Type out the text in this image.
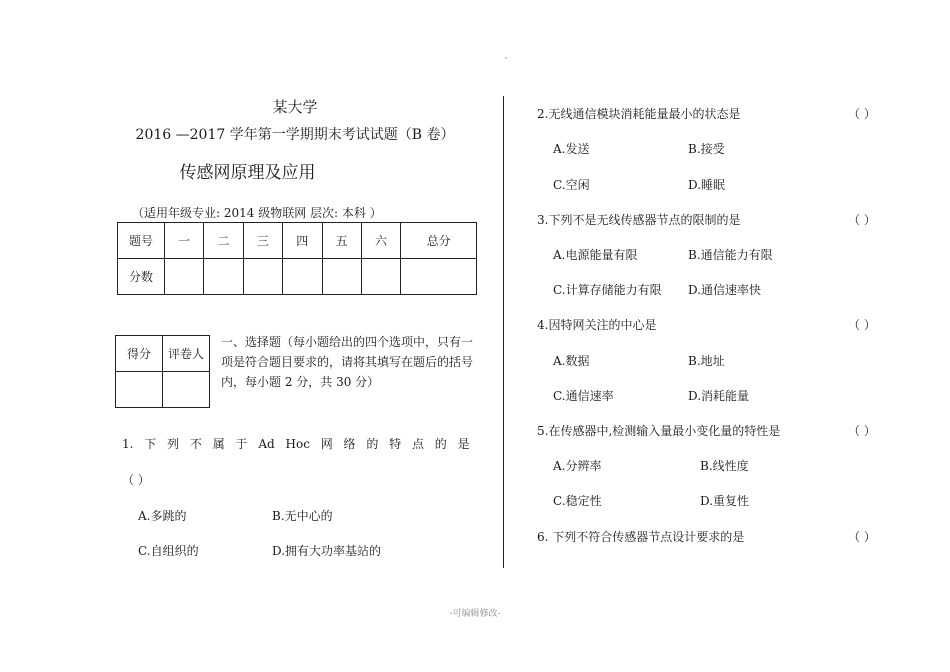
某大学
2016 —2017 学年第一学期期末考试试题（B 卷）
传感网原理及应用
（适用年级专业: 2014 级物联网 层次: 本科 ）
题号	一	二	三	四	五	六	总分
分数							
得分	评卷人

一、选择题（每小题给出的四个选项中，只有一
项是符合题目要求的，请将其填写在题后的括号
内，每小题 2 分，共 30 分）
1. 下 列 不 属 于 Ad Hoc 网 络 的 特 点 的 是
（ ）
A.多跳的	B.无中心的
C.自组织的	D.拥有大功率基站的
2.无线通信模块消耗能量最小的状态是	（ ）
A.发送	B.接受
C.空闲	D.睡眠
3.下列不是无线传感器节点的限制的是	（ ）
A.电源能量有限	B.通信能力有限
C.计算存储能力有限 D.通信速率快
4.因特网关注的中心是	（ ）
A.数据	B.地址
C.通信速率	D.消耗能量
5.在传感器中,检测输入量最小变化量的特性是	（ ）
A.分辨率	B.线性度
C.稳定性	D.重复性
6. 下列不符合传感器节点设计要求的是	（ ）
-可编辑修改-
